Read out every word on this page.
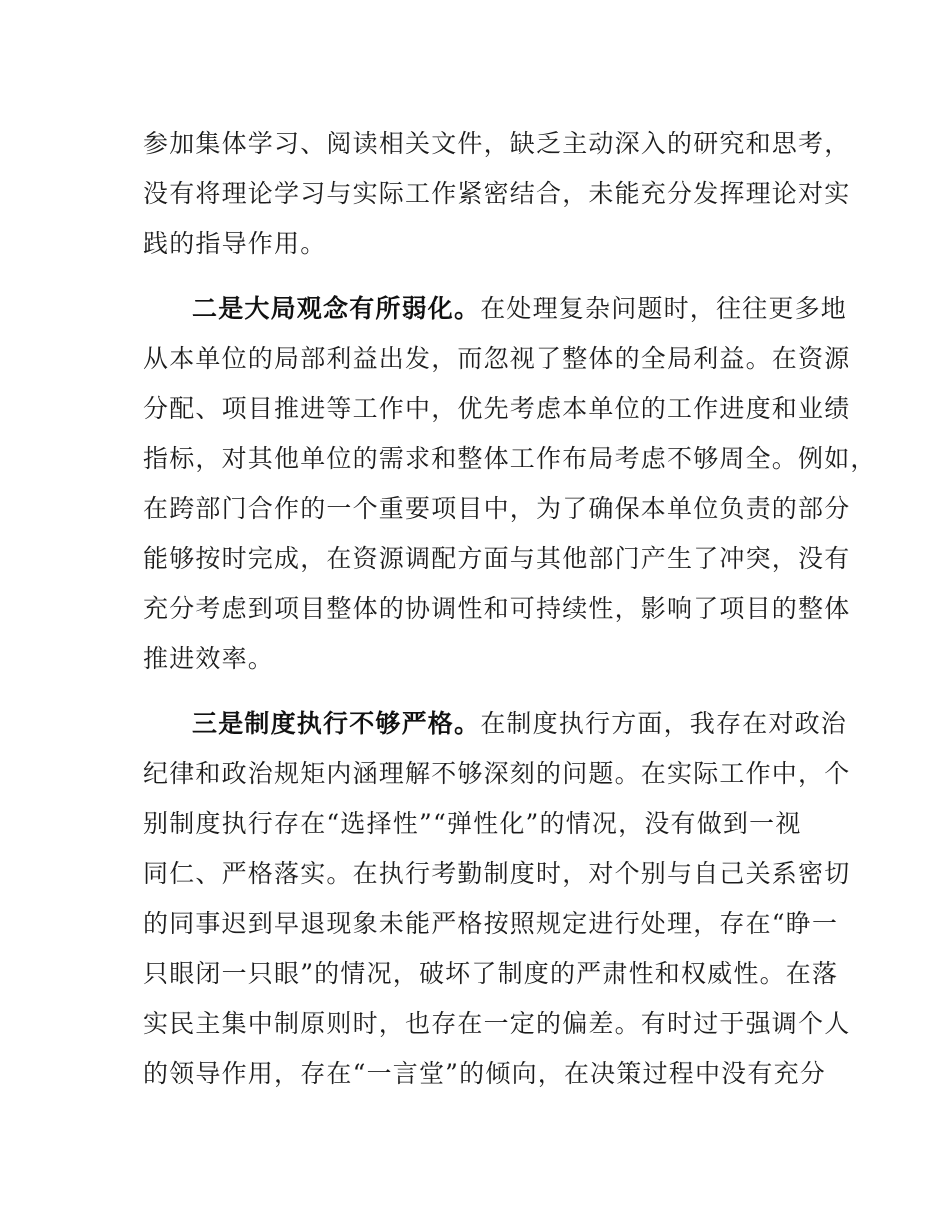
参加集体学习、阅读相关文件，缺乏主动深入的研究和思考，
没有将理论学习与实际工作紧密结合，未能充分发挥理论对实
践的指导作用。
二是大局观念有所弱化。在处理复杂问题时，往往更多地
从本单位的局部利益出发，而忽视了整体的全局利益。在资源
分配、项目推进等工作中，优先考虑本单位的工作进度和业绩
指标，对其他单位的需求和整体工作布局考虑不够周全。例如，
在跨部门合作的一个重要项目中，为了确保本单位负责的部分
能够按时完成，在资源调配方面与其他部门产生了冲突，没有
充分考虑到项目整体的协调性和可持续性，影响了项目的整体
推进效率。
三是制度执行不够严格。在制度执行方面，我存在对政治
纪律和政治规矩内涵理解不够深刻的问题。在实际工作中，个
别制度执行存在“选择性”“弹性化”的情况，没有做到一视
同仁、严格落实。在执行考勤制度时，对个别与自己关系密切
的同事迟到早退现象未能严格按照规定进行处理，存在“睁一
只眼闭一只眼”的情况，破坏了制度的严肃性和权威性。在落
实民主集中制原则时，也存在一定的偏差。有时过于强调个人
的领导作用，存在“一言堂”的倾向，在决策过程中没有充分
